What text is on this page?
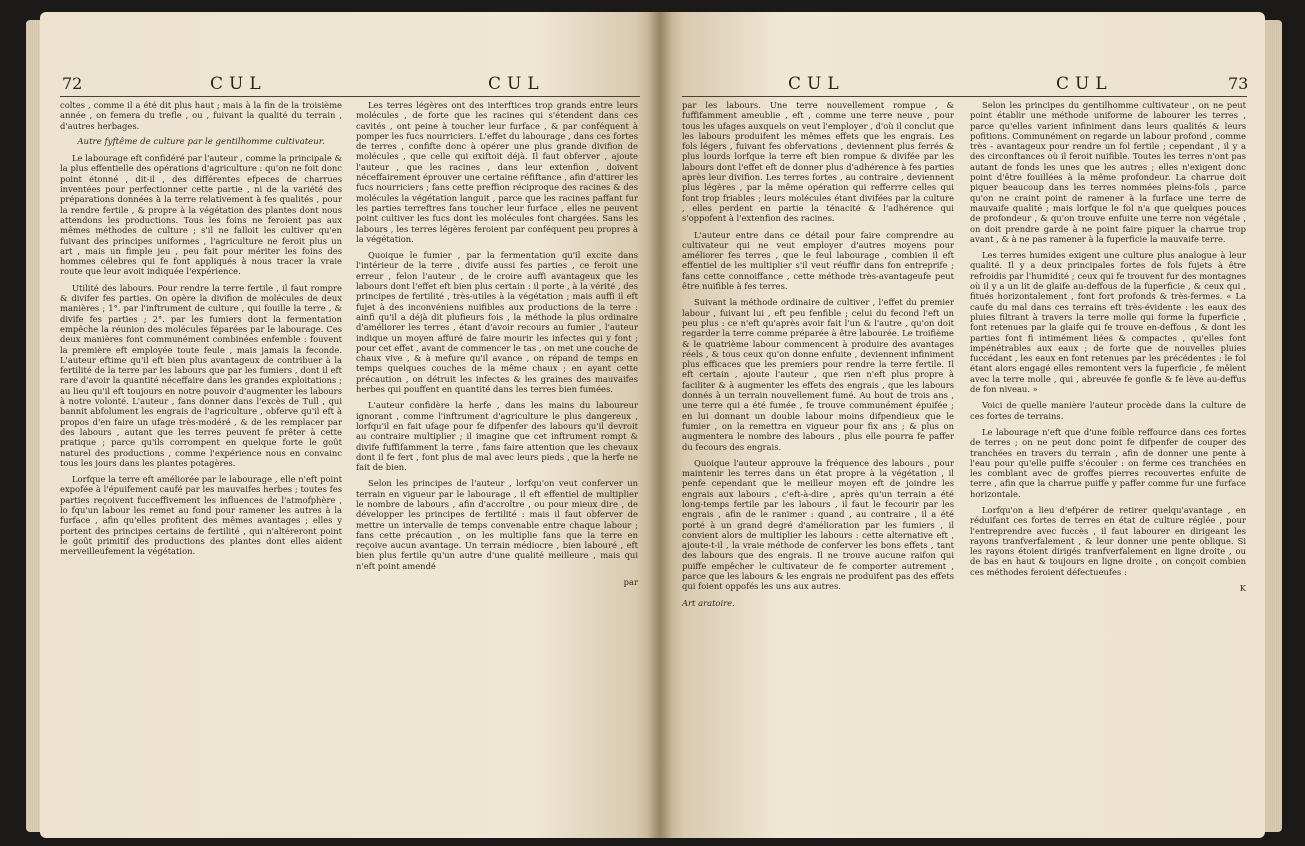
72	CUL	CUL

coltes , comme il a été dit plus haut ; mais à la fin de la troisième année , on femera du trefle , ou , fuivant la qualité du terrain , d'autres herbages.

Autre fyftême de culture par le gentilhomme cultivateur.

Le labourage eft confidéré par l'auteur , comme la principale & la plus effentielle des opérations d'agriculture : qu'on ne foit donc point étonné , dit-il , des différentes efpeces de charrues inventées pour perfectionner cette partie , ni de la variété des préparations données à la terre relativement à fes qualités , pour la rendre fertile , & propre à la végétation des plantes dont nous attendons les productions. Tous les foins ne feroient pas aux mêmes méthodes de culture ; s'il ne falloit les cultiver qu'en fuivant des principes uniformes , l'agriculture ne feroit plus un art , mais un fimple jeu , peu fait pour mériter les foins des hommes célebres qui fe font appliqués à nous tracer la vraie route que leur avoit indiquée l'expérience.

Utilité des labours. Pour rendre la terre fertile , il faut rompre & divifer fes parties. On opère la divifion de molécules de deux manières ; 1°. par l'inftrument de culture , qui fouille la terre , & divife fes parties ; 2°. par les fumiers dont la fermentation empêche la réunion des molécules féparées par le labourage. Ces deux manières font communément combinées enfemble : fouvent la première eft employée toute feule , mais jamais la feconde. L'auteur eftime qu'il eft bien plus avantageux de contribuer à la fertilité de la terre par les labours que par les fumiers , dont il eft rare d'avoir la quantité néceffaire dans les grandes exploitations ; au lieu qu'il eft toujours en notre pouvoir d'augmenter les labours à notre volonté. L'auteur , fans donner dans l'excès de Tull , qui bannit abfolument les engrais de l'agriculture , obferve qu'il eft à propos d'en faire un ufage très-modéré , & de les remplacer par des labours , autant que les terres peuvent fe prêter à cette pratique ; parce qu'ils corrompent en quelque forte le goût naturel des productions , comme l'expérience nous en convainc tous les jours dans les plantes potagères.

Lorfque la terre eft améliorée par le labourage , elle n'eft point expofée à l'épuifement caufé par les mauvaifes herbes ; toutes fes parties reçoivent fucceffivement les influences de l'atmofphère , lo fqu'un labour les remet au fond pour ramener les autres à la furface , afin qu'elles profitent des mêmes avantages ; elles y portent des principes certains de fertilité , qui n'altéreront point le goût primitif des productions des plantes dont elles aident merveilleufement la végétation.

Les terres légères ont des interftices trop grands entre leurs molécules , de forte que les racines qui s'étendent dans ces cavités , ont peine à toucher leur furface , & par conféquent à pomper les fucs nourriciers. L'effet du labourage , dans ces fortes de terres , confifte donc à opérer une plus grande divifion de molécules , que celle qui exiftoit déjà. Il faut obferver , ajoute l'auteur , que les racines , dans leur extenfion , doivent néceffairement éprouver une certaine réfiftance , afin d'attirer les fucs nourriciers ; fans cette preffion réciproque des racines & des molécules la végétation languit , parce que les racines paffant fur les parties terreftres fans toucher leur furface , elles ne peuvent point cultiver les fucs dont les molécules font chargées. Sans les labours , les terres légères feroient par conféquent peu propres à la végétation.

Quoique le fumier , par la fermentation qu'il excite dans l'intérieur de la terre , divife aussi fes parties , ce feroit une erreur , felon l'auteur , de le croire auffi avantageux que les labours dont l'effet eft bien plus certain : il porte , à la vérité , des principes de fertilité , très-utiles à la végétation ; mais auffi il eft fujet à des inconvéniens nuifibles aux productions de la terre : ainfi qu'il a déjà dit plufieurs fois , la méthode la plus ordinaire d'améliorer les terres , étant d'avoir recours au fumier , l'auteur indique un moyen affuré de faire mourir les infectes qui y font ; pour cet effet , avant de commencer le tas , on met une couche de chaux vive , & à mefure qu'il avance , on répand de temps en temps quelques couches de la même chaux ; en ayant cette précaution , on détruit les infectes & les graines des mauvaifes herbes qui pouffent en quantité dans les terres bien fumées.

L'auteur confidère la herfe , dans les mains du laboureur ignorant , comme l'inftrument d'agriculture le plus dangereux , lorfqu'il en fait ufage pour fe difpenfer des labours qu'il devroit au contraire multiplier ; il imagine que cet inftrument rompt & divife fuffifamment la terre , fans faire attention que les chevaux dont il fe fert , font plus de mal avec leurs pieds , que la herfe ne fait de bien.

Selon les principes de l'auteur , lorfqu'on veut conferver un terrain en vigueur par le labourage , il eft effentiel de multiplier le nombre de labours , afin d'accroître , ou pour mieux dire , de développer les principes de fertilité : mais il faut obferver de mettre un intervalle de temps convenable entre chaque labour ; fans cette précaution , on les multiplie fans que la terre en reçoive aucun avantage. Un terrain médiocre , bien labouré , eft bien plus fertile qu'un autre d'une qualité meilleure , mais qui n'eft point amendé

par

CUL	CUL	73

par les labours. Une terre nouvellement rompue , & fuffifamment ameublie , eft , comme une terre neuve , pour tous les ufages auxquels on veut l'employer , d'où il conclut que les labours produifent les mêmes effets que les engrais. Les fols légers , fuivant fes obfervations , deviennent plus ferrés & plus lourds lorfque la terre eft bien rompue & divifée par les labours dont l'effet eft de donner plus d'adhérence à fes parties après leur divifion. Les terres fortes , au contraire , deviennent plus légères , par la même opération qui refferrre celles qui font trop friables ; leurs molécules étant divifées par la culture , elles perdent en partie la ténacité & l'adhérence qui s'oppofent à l'extenfion des racines.

L'auteur entre dans ce détail pour faire comprendre au cultivateur qui ne veut employer d'autres moyens pour améliorer fes terres , que le feul labourage , combien il eft effentiel de les multiplier s'il veut réuffir dans fon entreprife ; fans cette connoiffance , cette méthode très-avantageufe peut être nuifible à fes terres.

Suivant la méthode ordinaire de cultiver , l'effet du premier labour , fuivant lui , eft peu fenfible ; celui du fecond l'eft un peu plus : ce n'eft qu'après avoir fait l'un & l'autre , qu'on doit regarder la terre comme préparée à être labourée. Le troifième & le quatrième labour commencent à produire des avantages réels , & tous ceux qu'on donne enfuite , deviennent infiniment plus efficaces que les premiers pour rendre la terre fertile. Il eft certain , ajoute l'auteur , que rien n'eft plus propre à faciliter & à augmenter les effets des engrais , que les labours donnés à un terrain nouvellement fumé. Au bout de trois ans , une terre qui a été fumée , fe trouve communément épuifée ; en lui donnant un double labour moins difpendieux que le fumier , on la remettra en vigueur pour fix ans ; & plus on augmentera le nombre des labours , plus elle pourra fe paffer du fecours des engrais.

Quoique l'auteur approuve la fréquence des labours , pour maintenir les terres dans un état propre à la végétation , il penfe cependant que le meilleur moyen eft de joindre les engrais aux labours , c'eft-à-dire , après qu'un terrain a été long-temps fertile par les labours , il faut le fecourir par les engrais , afin de le ranimer : quand , au contraire , il a été porté à un grand degré d'amélioration par les fumiers , il convient alors de multiplier les labours : cette alternative eft , ajoute-t-il , la vraie méthode de conferver les bons effets , tant des labours que des engrais. Il ne trouve aucune raifon qui puiffe empêcher le cultivateur de fe comporter autrement , parce que les labours & les engrais ne produifent pas des effets qui foient oppofés les uns aux autres.

Art aratoire.

Selon les principes du gentilhomme cultivateur , on ne peut point établir une méthode uniforme de labourer les terres , parce qu'elles varient infiniment dans leurs qualités & leurs pofitions. Communément on regarde un labour profond , comme très - avantageux pour rendre un fol fertile ; cependant , il y a des circonftances où il feroit nuifible. Toutes les terres n'ont pas autant de fonds les unes que les autres ; elles n'exigent donc point d'être fouillées à la même profondeur. La charrue doit piquer beaucoup dans les terres nommées pleins-fols , parce qu'on ne craint point de ramener à la furface une terre de mauvaife qualité ; mais lorfque le fol n'a que quelques pouces de profondeur , & qu'on trouve enfuite une terre non végétale , on doit prendre garde à ne point faire piquer la charrue trop avant , & à ne pas ramener à la fuperficie la mauvaife terre.

Les terres humides exigent une culture plus analogue à leur qualité. Il y a deux principales fortes de fols fujets à être refroidis par l'humidité ; ceux qui fe trouvent fur des montagnes où il y a un lit de glaife au-deffous de la fuperficie , & ceux qui , fitués horizontalement , font fort profonds & très-fermes. « La caufe du mal dans ces terrains eft très-évidente : les eaux des pluies filtrant à travers la terre molle qui forme la fuperficie , font retenues par la glaife qui fe trouve en-deffous , & dont les parties font fi intimément liées & compactes , qu'elles font impénétrables aux eaux ; de forte que de nouvelles pluies fuccédant , les eaux en font retenues par les précédentes : le fol étant alors engagé elles remontent vers la fuperficie , fe mêlent avec la terre molle , qui , abreuvée fe gonfle & fe lève au-deffus de fon niveau. »

Voici de quelle manière l'auteur procède dans la culture de ces fortes de terrains.

Le labourage n'eft que d'une foible reffource dans ces fortes de terres ; on ne peut donc point fe difpenfer de couper des tranchées en travers du terrain , afin de donner une pente à l'eau pour qu'elle puiffe s'écouler : on ferme ces tranchées en les comblant avec de groffes pierres recouvertes enfuite de terre , afin que la charrue puiffe y paffer comme fur une furface horizontale.

Lorfqu'on a lieu d'efpérer de retirer quelqu'avantage , en réduifant ces fortes de terres en état de culture réglée , pour l'entreprendre avec fuccès , il faut labourer en dirigeant les rayons tranfverfalement , & leur donner une pente oblique. Si les rayons étoient dirigés tranfverfalement en ligne droite , ou de bas en haut & toujours en ligne droite , on conçoit combien ces méthodes feroient défectueufes :

K
